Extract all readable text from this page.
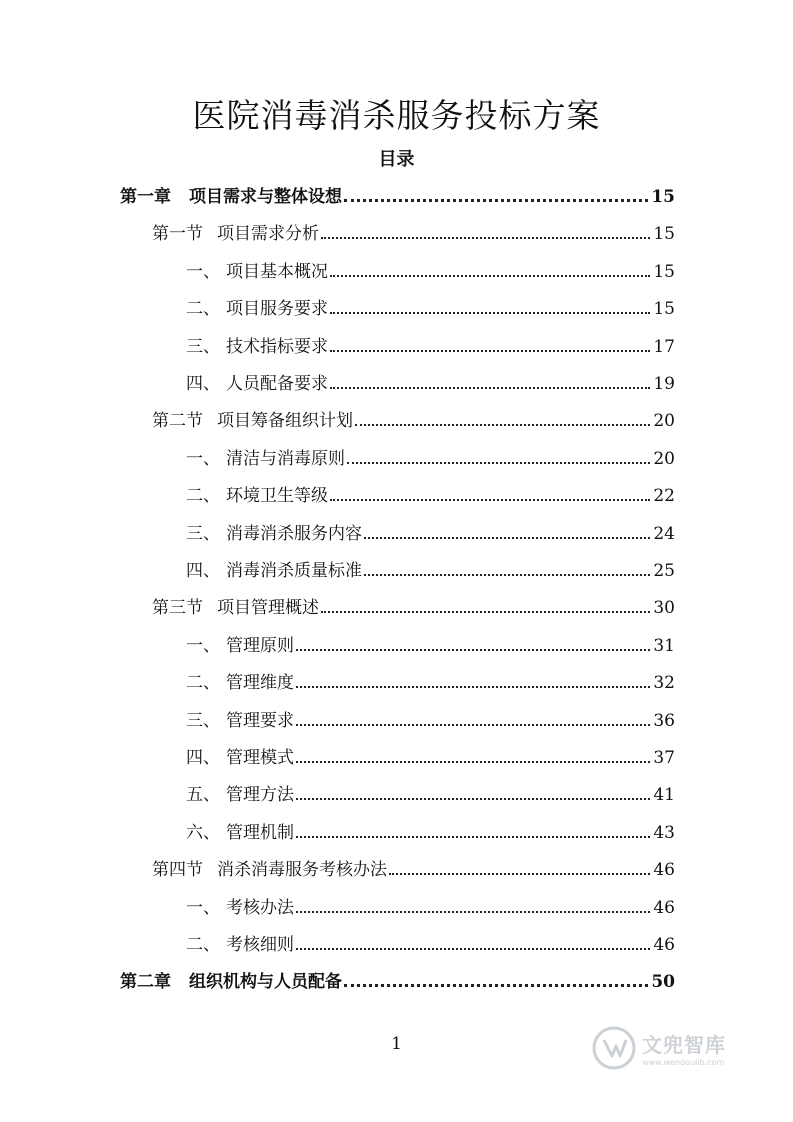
医院消毒消杀服务投标方案
目录
第一章 项目需求与整体设想	15
第一节 项目需求分析	15
一、 项目基本概况	15
二、 项目服务要求	15
三、 技术指标要求	17
四、 人员配备要求	19
第二节 项目筹备组织计划	20
一、 清洁与消毒原则	20
二、 环境卫生等级	22
三、 消毒消杀服务内容	24
四、 消毒消杀质量标准	25
第三节 项目管理概述	30
一、 管理原则	31
二、 管理维度	32
三、 管理要求	36
四、 管理模式	37
五、 管理方法	41
六、 管理机制	43
第四节 消杀消毒服务考核办法	46
一、 考核办法	46
二、 考核细则	46
第二章 组织机构与人员配备	50
1	文兜智库
www.wendoulib.com
